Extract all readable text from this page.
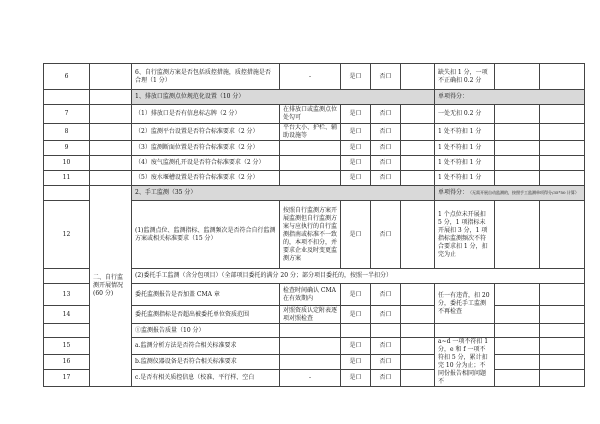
6		6、自行监测方案是否包括质控措施，质控措施是否合理（1 分）	-	是口	否口		缺失扣 1 分，一项不正确扣 0.2 分		
		1、排放口监测点位规范化设置（10 分）					单项得分：		
7		（1）排放口是否有信息标志牌（2 分）	在排放口或监测点位处勾可	是口	否口		一处无扣 0.2 分		
8		（2）监测平台设置是否符合标准要求（2 分）	平台大小、护栏、辅助设施等	是口	否口		1 处不符扣 1 分		
9		（3）监测断面位置是否符合标准要求（2 分）		是口	否口		1 处不符扣 1 分		
10		（4）废气监测孔开设是否符合标准要求（2 分）		是口	否口		1 处不符扣 1 分		
11		（5）废水堰槽设置是否符合标准要求（2 分）		是口	否口		1 处不符扣 1 分		
	二、自行监测开展情况(60 分)	2、手工监测（35 分）					单项得分：（无需开展自动监测的，按照手工监测单项得分/35*50 计算）		
12		(1)监测点位、监测指标、监测频次是否符合自行监测方案或相关标准要求（15 分）	按照自行监测方案开展监测但自行监测方案与应执行的自行监测指南或标准不一致的，本项不扣分，并要求企业及时变更监测方案	是口	否口		1 个点位未开展扣 5 分，1 项指标未开展扣 3 分，1 项指标监测频次不符合要求扣 1 分，扣完为止		
		(2)委托手工监测（含分包项目）（全部项目委托的满分 20 分；部分项目委托的，按照一半扣分）							
13		委托监测报告是否加盖 CMA 章	检查时间确认 CMA 在有效期内	是口	否口		任一有违背，扣 20 分，委托手工监测不再检查		
14		委托监测指标是否超出被委托单位资质范围	对照资质认定附表逐项对照检查	是口	否口				
		①监测报告质量（10 分）							
15		a.监测分析方法是否符合相关标准要求		是口	否口		a~d 一项不符扣 1 分，e 和 f 一项不符扣 5 分，累计扣完 10 分为止；不同份报告相同问题不		
16		b.监测仪器设备是否符合相关标准要求		是口	否口				
17		c.是否有相关质控信息（校准、平行样、空白	-	是口	否口				
